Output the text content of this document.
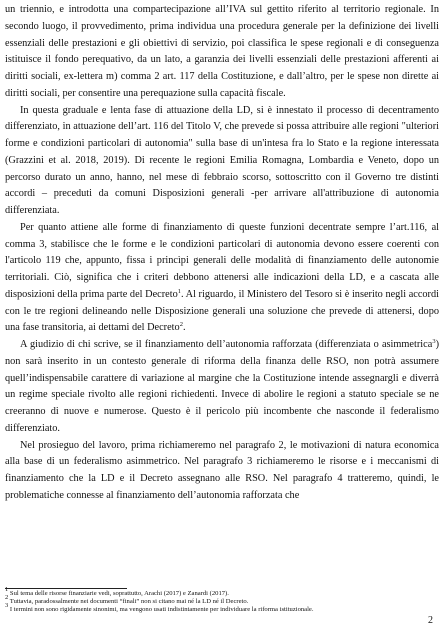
un triennio, e introdotta una compartecipazione all’IVA sul gettito riferito al territorio regionale. In secondo luogo, il provvedimento, prima individua una procedura generale per la definizione dei livelli essenziali delle prestazioni e gli obiettivi di servizio, poi classifica le spese regionali e di conseguenza istituisce il fondo perequativo, da un lato, a garanzia dei livelli essenziali delle prestazioni afferenti ai diritti sociali, ex-lettera m) comma 2 art. 117 della Costituzione, e dall’altro, per le spese non dirette ai diritti sociali, per consentire una perequazione sulla capacità fiscale.

In questa graduale e lenta fase di attuazione della LD, si è innestato il processo di decentramento differenziato, in attuazione dell’art. 116 del Titolo V, che prevede si possa attribuire alle regioni "ulteriori forme e condizioni particolari di autonomia" sulla base di un'intesa fra lo Stato e la regione interessata (Grazzini et al. 2018, 2019). Di recente le regioni Emilia Romagna, Lombardia e Veneto, dopo un percorso durato un anno, hanno, nel mese di febbraio scorso, sottoscritto con il Governo tre distinti accordi – preceduti da comuni Disposizioni generali -per arrivare all'attribuzione di autonomia differenziata.

Per quanto attiene alle forme di finanziamento di queste funzioni decentrate sempre l’art.116, al comma 3, stabilisce che le forme e le condizioni particolari di autonomia devono essere coerenti con l'articolo 119 che, appunto, fissa i princìpi generali delle modalità di finanziamento delle autonomie territoriali. Ciò, significa che i criteri debbono attenersi alle indicazioni della LD, e a cascata alle disposizioni della prima parte del Decreto$^1$. Al riguardo, il Ministero del Tesoro si è inserito negli accordi con le tre regioni delineando nelle Disposizione generali una soluzione che prevede di attenersi, dopo una fase transitoria, ai dettami del Decreto$^2$.

A giudizio di chi scrive, se il finanziamento dell’autonomia rafforzata (differenziata o asimmetrica$^3$) non sarà inserito in un contesto generale di riforma della finanza delle RSO, non potrà assumere quell’indispensabile carattere di variazione al margine che la Costituzione intende assegnargli e diverrà un regime speciale rivolto alle regioni richiedenti. Invece di abolire le regioni a statuto speciale se ne creeranno di nuove e numerose. Questo è il pericolo più incombente che nasconde il federalismo differenziato.

Nel prosieguo del lavoro, prima richiameremo nel paragrafo 2, le motivazioni di natura economica alla base di un federalismo asimmetrico. Nel paragrafo 3 richiameremo le risorse e i meccanismi di finanziamento che la LD e il Decreto assegnano alle RSO. Nel paragrafo 4 tratteremo, quindi, le problematiche connesse al finanziamento dell’autonomia rafforzata che

$^1$ Sul tema delle risorse finanziarie vedi, soprattutto, Arachi (2017) e Zanardi (2017).
$^2$ Tuttavia, paradossalmente nei documenti “finali” non si citano mai né la LD né il Decreto.
$^3$ I termini non sono rigidamente sinonimi, ma vengono usati indistintamente per individuare la riforma istituzionale.
2
